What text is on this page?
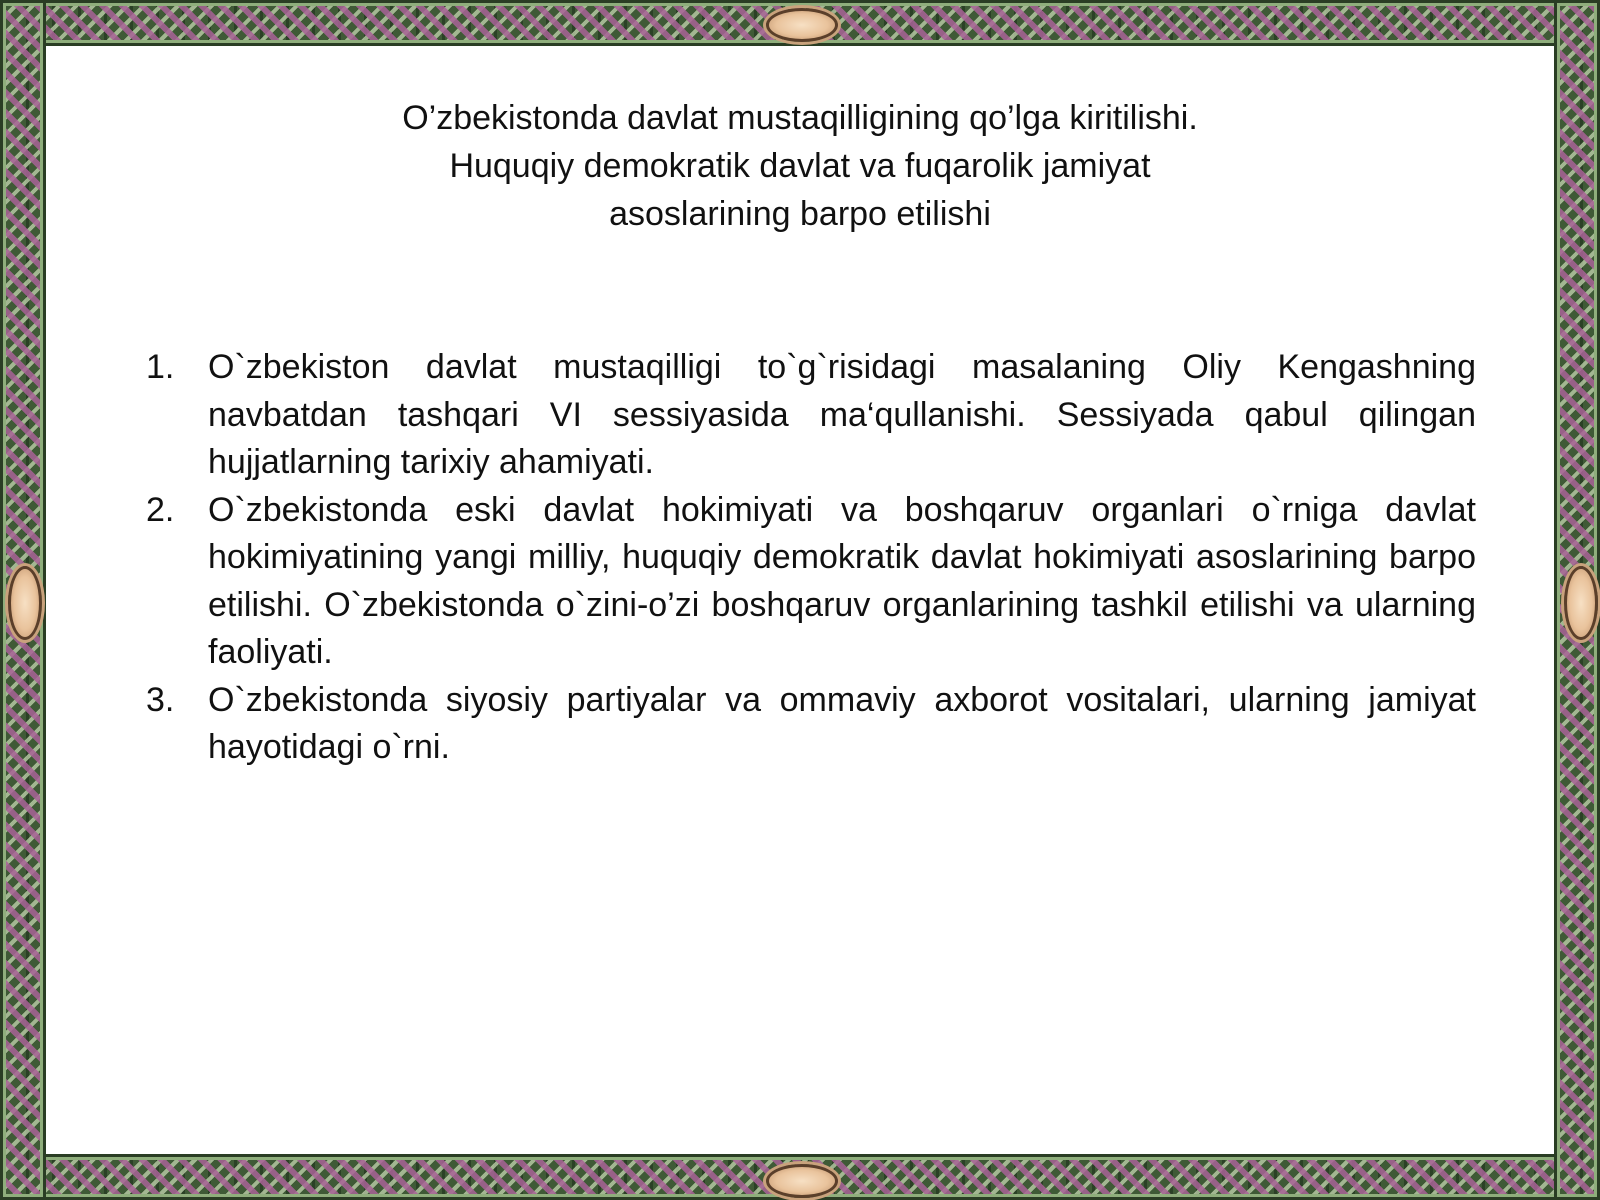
O’zbekistonda davlat mustaqilligining qo’lga kiritilishi.
Huquqiy demokratik davlat va fuqarolik jamiyat
asoslarining barpo etilishi
1. O`zbekiston davlat mustaqilligi to`g`risidagi masalaning Oliy Kengashning navbatdan tashqari VI sessiyasida ma‘qullanishi. Sessiyada qabul qilingan hujjatlarning tarixiy ahamiyati.
2. O`zbekistonda eski davlat hokimiyati va boshqaruv organlari o`rniga davlat hokimiyatining yangi milliy, huquqiy demokratik davlat hokimiyati asoslarining barpo etilishi. O`zbekistonda o`zini-o’zi boshqaruv organlarining tashkil etilishi va ularning faoliyati.
3. O`zbekistonda siyosiy partiyalar va ommaviy axborot vositalari, ularning jamiyat hayotidagi o`rni.
